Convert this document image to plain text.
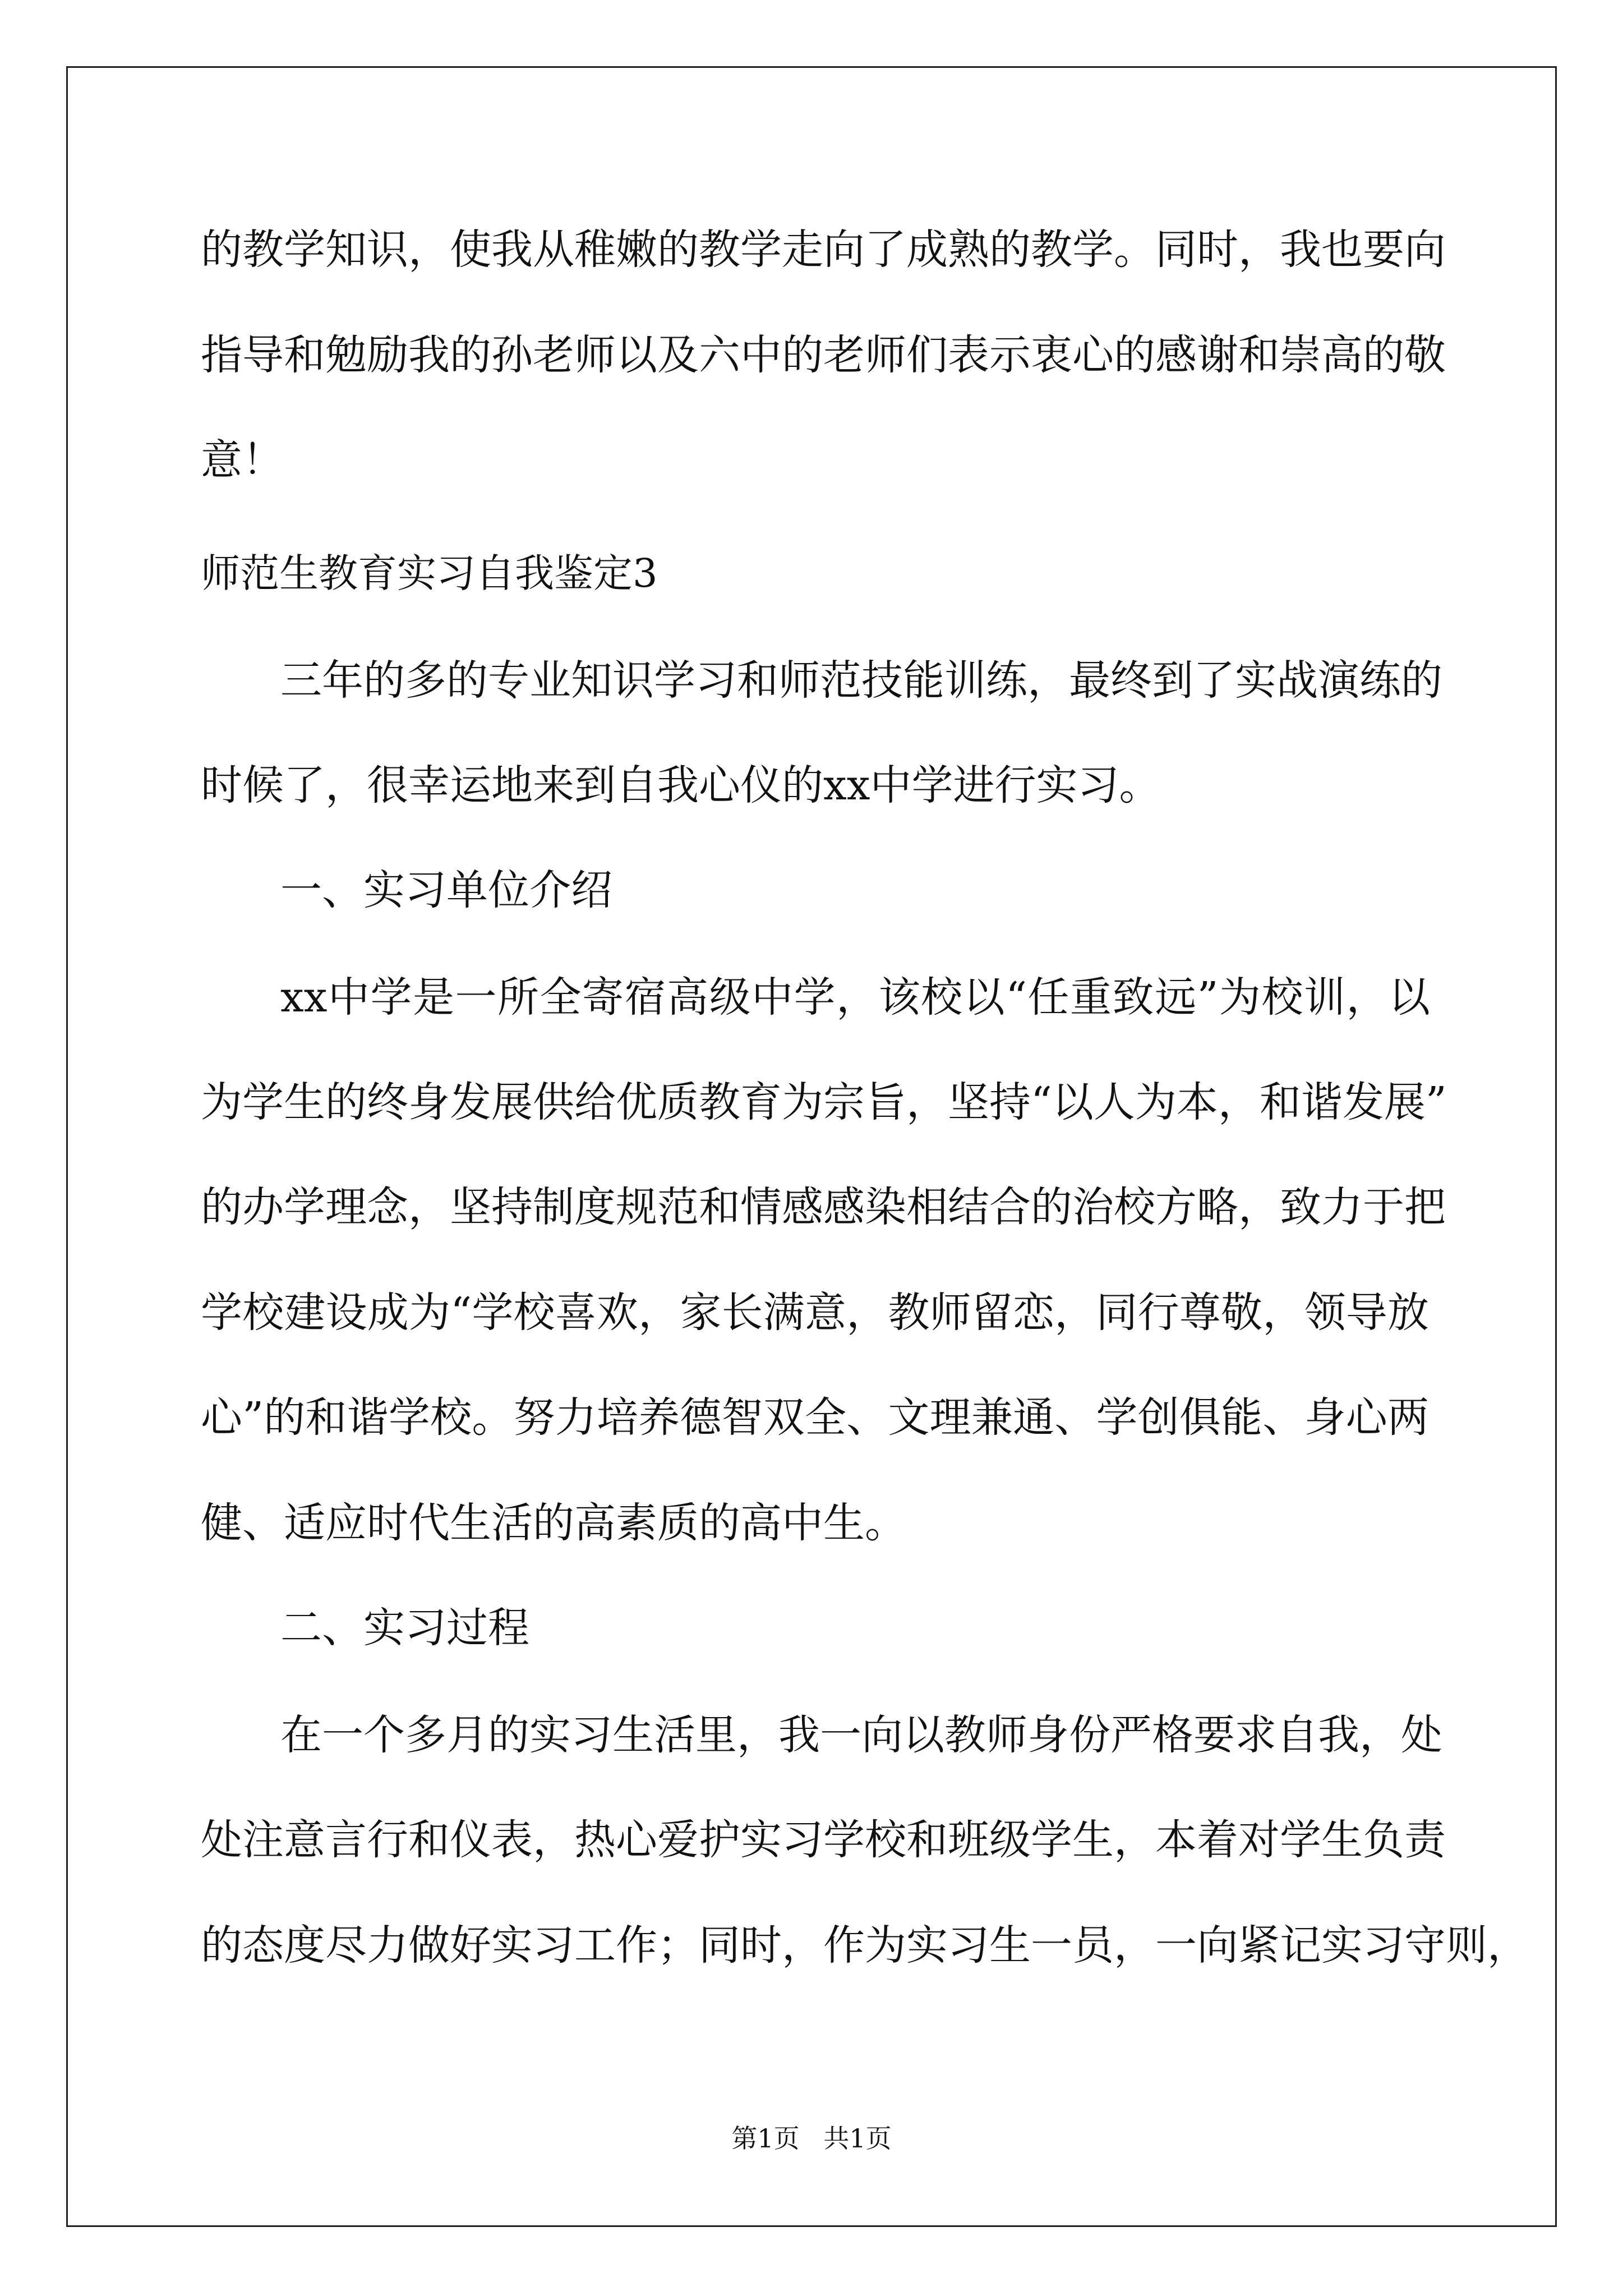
的教学知识，使我从稚嫩的教学走向了成熟的教学。同时，我也要向
指导和勉励我的孙老师以及六中的老师们表示衷心的感谢和崇高的敬
意！
师范生教育实习自我鉴定3
三年的多的专业知识学习和师范技能训练，最终到了实战演练的
时候了，很幸运地来到自我心仪的xx中学进行实习。
一、实习单位介绍
xx中学是一所全寄宿高级中学，该校以“任重致远”为校训，以
为学生的终身发展供给优质教育为宗旨，坚持“以人为本，和谐发展”
的办学理念，坚持制度规范和情感感染相结合的治校方略，致力于把
学校建设成为“学校喜欢，家长满意，教师留恋，同行尊敬，领导放
心”的和谐学校。努力培养德智双全、文理兼通、学创俱能、身心两
健、适应时代生活的高素质的高中生。
二、实习过程
在一个多月的实习生活里，我一向以教师身份严格要求自我，处
处注意言行和仪表，热心爱护实习学校和班级学生，本着对学生负责
的态度尽力做好实习工作；同时，作为实习生一员，一向紧记实习守则，
第1页 共1页
